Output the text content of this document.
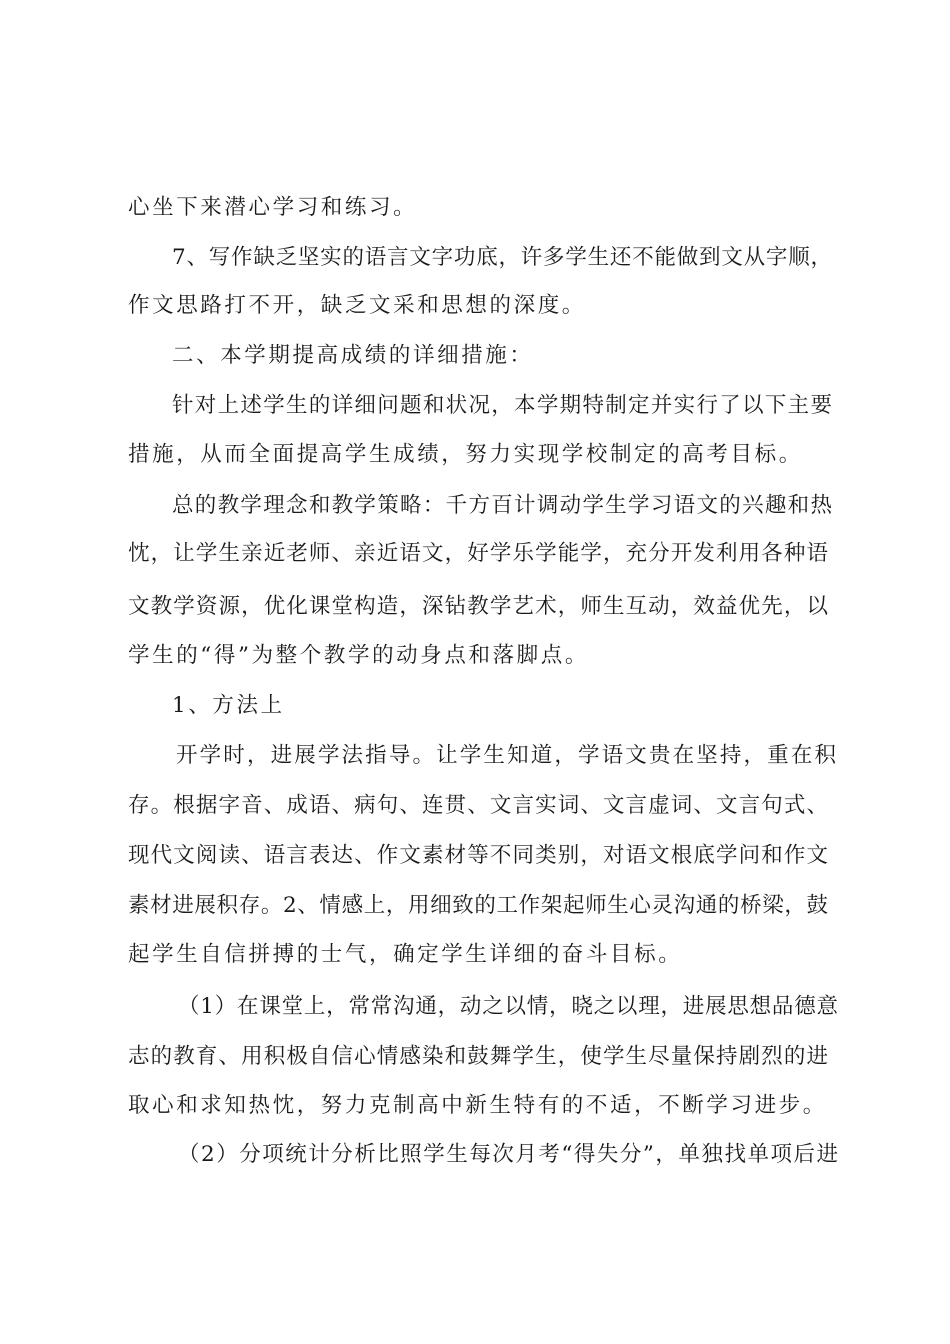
心坐下来潜心学习和练习。
7、写作缺乏坚实的语言文字功底，许多学生还不能做到文从字顺，
作文思路打不开，缺乏文采和思想的深度。
二、本学期提高成绩的详细措施：
针对上述学生的详细问题和状况，本学期特制定并实行了以下主要
措施，从而全面提高学生成绩，努力实现学校制定的高考目标。
总的教学理念和教学策略：千方百计调动学生学习语文的兴趣和热
忱，让学生亲近老师、亲近语文，好学乐学能学，充分开发利用各种语
文教学资源，优化课堂构造，深钻教学艺术，师生互动，效益优先，以
学生的“得”为整个教学的动身点和落脚点。
1、方法上
开学时，进展学法指导。让学生知道，学语文贵在坚持，重在积
存。根据字音、成语、病句、连贯、文言实词、文言虚词、文言句式、
现代文阅读、语言表达、作文素材等不同类别，对语文根底学问和作文
素材进展积存。2、情感上，用细致的工作架起师生心灵沟通的桥梁，鼓
起学生自信拼搏的士气，确定学生详细的奋斗目标。
（1）在课堂上，常常沟通，动之以情，晓之以理，进展思想品德意
志的教育、用积极自信心情感染和鼓舞学生，使学生尽量保持剧烈的进
取心和求知热忱，努力克制高中新生特有的不适，不断学习进步。
（2）分项统计分析比照学生每次月考“得失分”，单独找单项后进
